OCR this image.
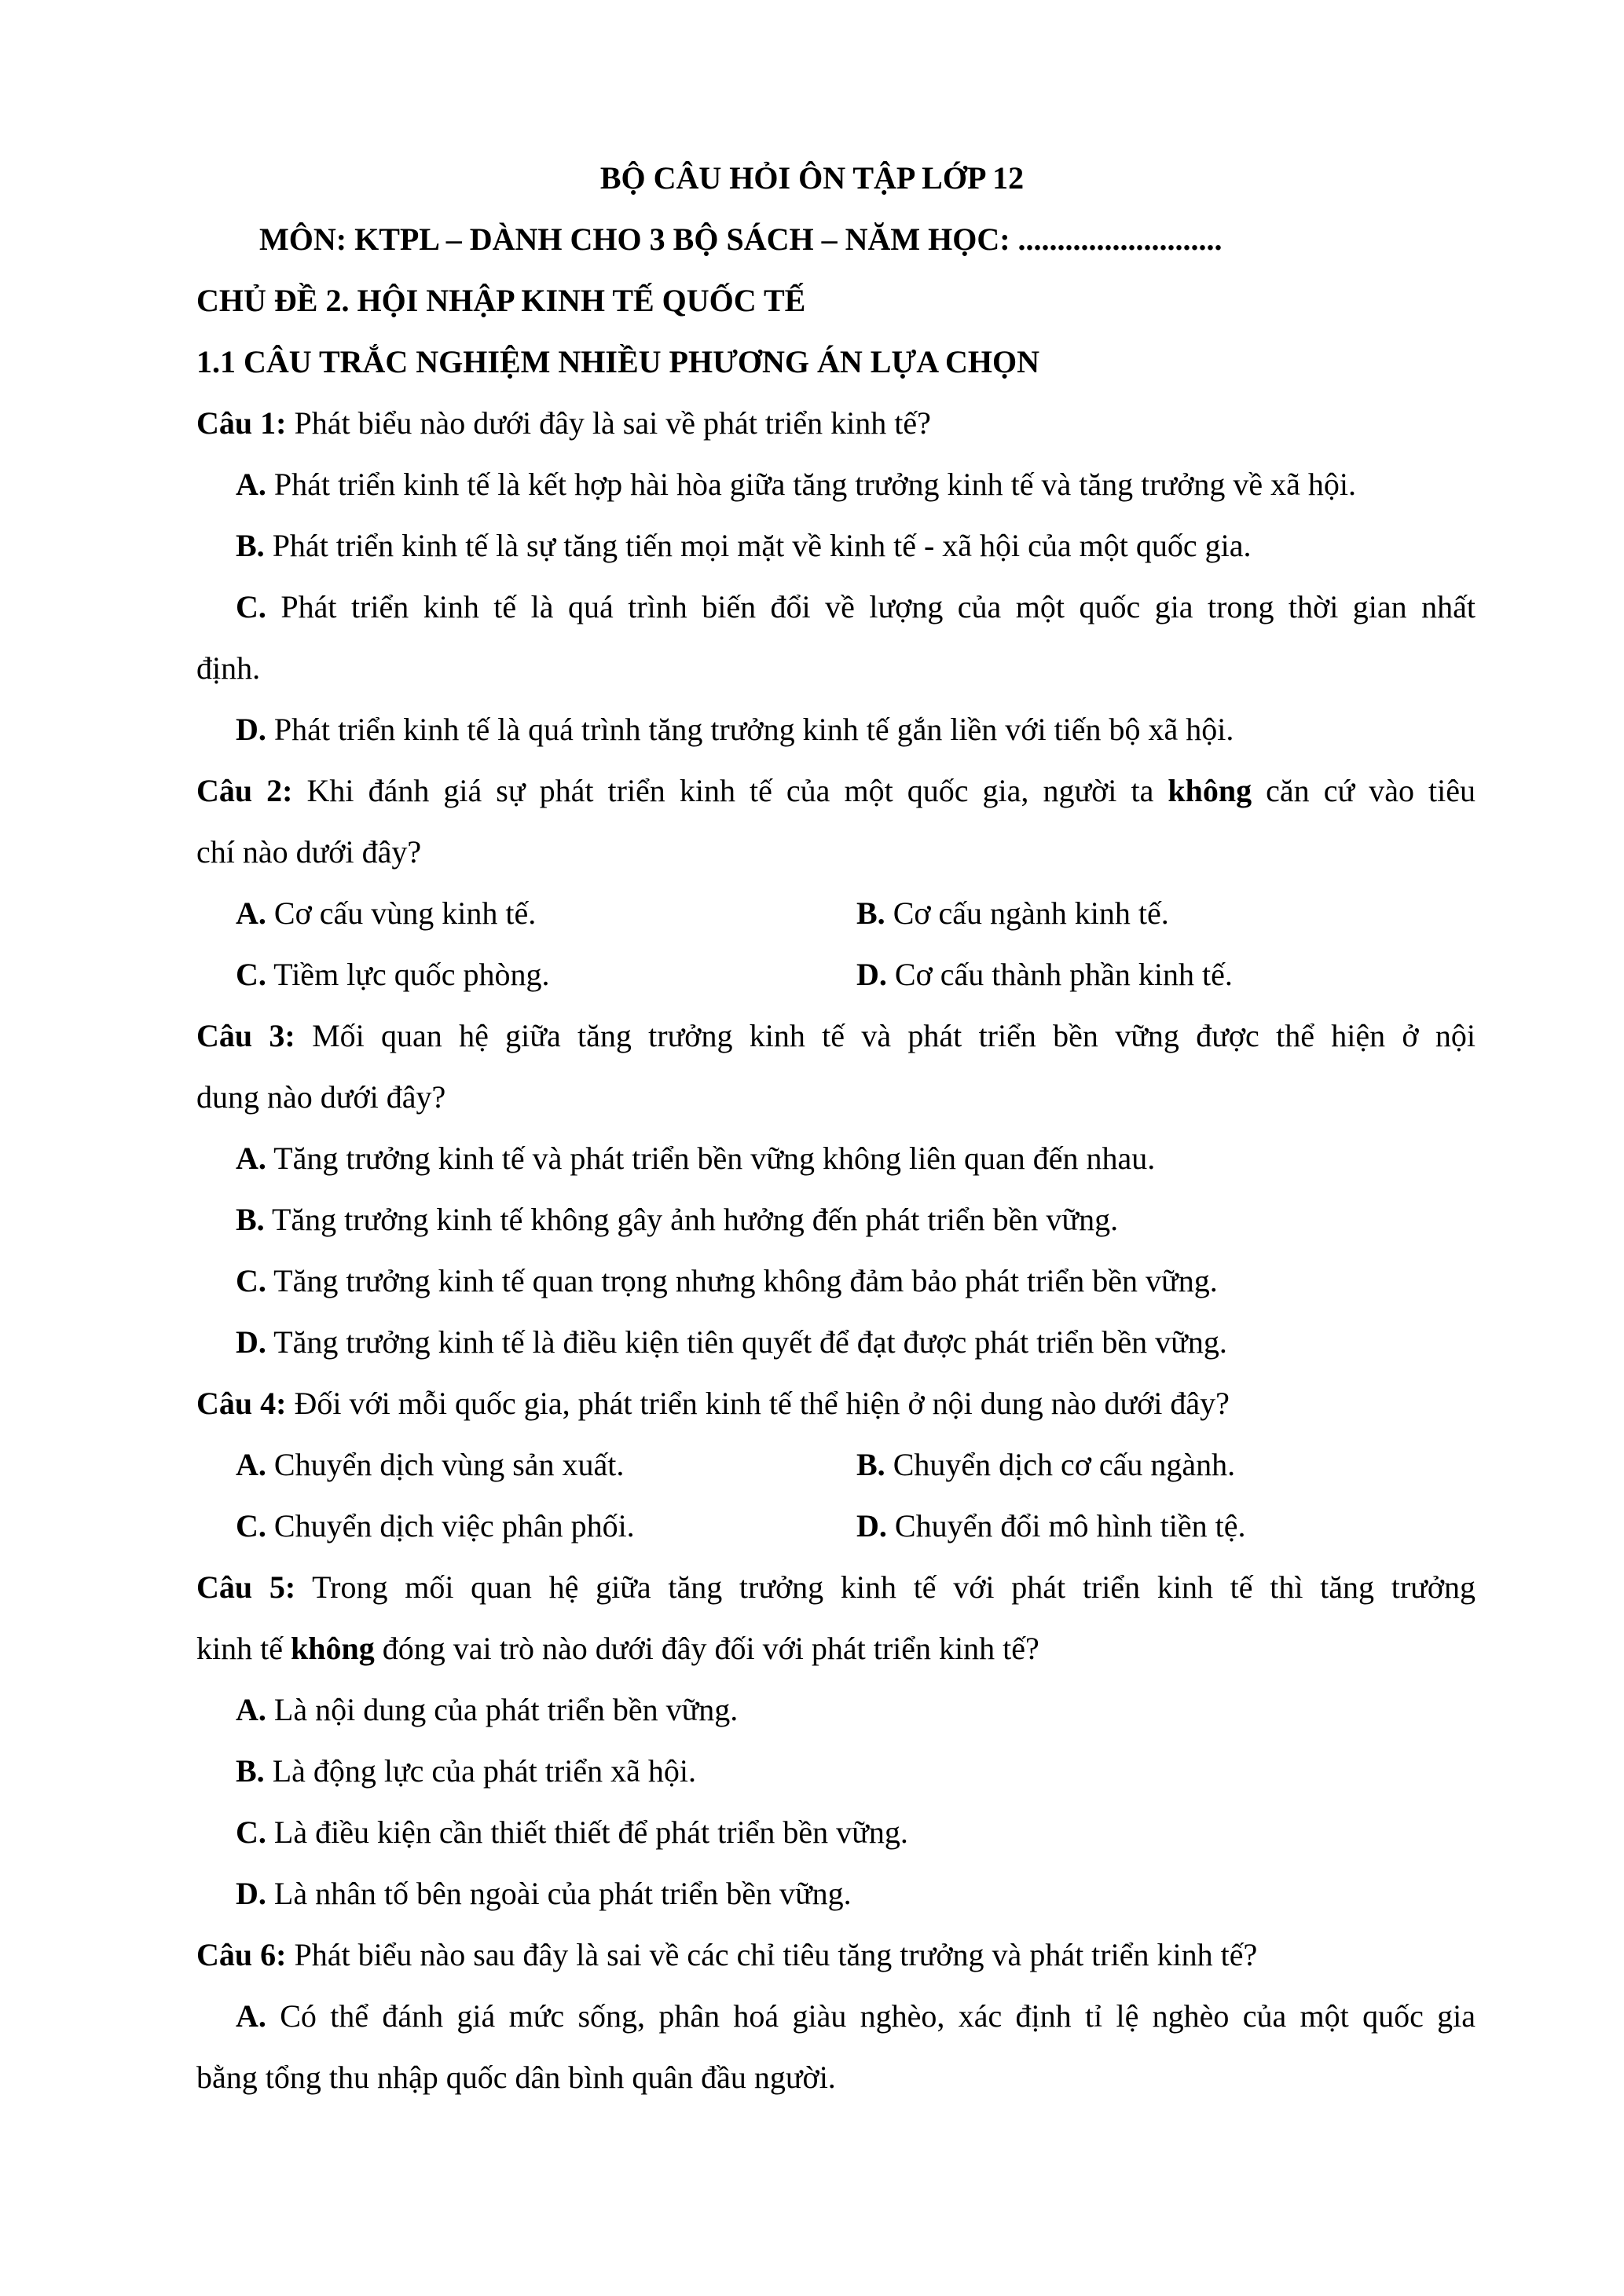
BỘ CÂU HỎI ÔN TẬP LỚP 12
MÔN: KTPL – DÀNH CHO 3 BỘ SÁCH – NĂM HỌC: ..........................
CHỦ ĐỀ 2. HỘI NHẬP KINH TẾ QUỐC TẾ
1.1 CÂU TRẮC NGHIỆM NHIỀU PHƯƠNG ÁN LỰA CHỌN
Câu 1: Phát biểu nào dưới đây là sai về phát triển kinh tế?
A. Phát triển kinh tế là kết hợp hài hòa giữa tăng trưởng kinh tế và tăng trưởng về xã hội.
B. Phát triển kinh tế là sự tăng tiến mọi mặt về kinh tế - xã hội của một quốc gia.
C. Phát triển kinh tế là quá trình biến đổi về lượng của một quốc gia trong thời gian nhất
định.
D. Phát triển kinh tế là quá trình tăng trưởng kinh tế gắn liền với tiến bộ xã hội.
Câu 2: Khi đánh giá sự phát triển kinh tế của một quốc gia, người ta không căn cứ vào tiêu
chí nào dưới đây?
A. Cơ cấu vùng kinh tế.	B. Cơ cấu ngành kinh tế.
C. Tiềm lực quốc phòng.	D. Cơ cấu thành phần kinh tế.
Câu 3: Mối quan hệ giữa tăng trưởng kinh tế và phát triển bền vững được thể hiện ở nội
dung nào dưới đây?
A. Tăng trưởng kinh tế và phát triển bền vững không liên quan đến nhau.
B. Tăng trưởng kinh tế không gây ảnh hưởng đến phát triển bền vững.
C. Tăng trưởng kinh tế quan trọng nhưng không đảm bảo phát triển bền vững.
D. Tăng trưởng kinh tế là điều kiện tiên quyết để đạt được phát triển bền vững.
Câu 4: Đối với mỗi quốc gia, phát triển kinh tế thể hiện ở nội dung nào dưới đây?
A. Chuyển dịch vùng sản xuất.	B. Chuyển dịch cơ cấu ngành.
C. Chuyển dịch việc phân phối.	D. Chuyển đổi mô hình tiền tệ.
Câu 5: Trong mối quan hệ giữa tăng trưởng kinh tế với phát triển kinh tế thì tăng trưởng
kinh tế không đóng vai trò nào dưới đây đối với phát triển kinh tế?
A. Là nội dung của phát triển bền vững.
B. Là động lực của phát triển xã hội.
C. Là điều kiện cần thiết thiết để phát triển bền vững.
D. Là nhân tố bên ngoài của phát triển bền vững.
Câu 6: Phát biểu nào sau đây là sai về các chỉ tiêu tăng trưởng và phát triển kinh tế?
A. Có thể đánh giá mức sống, phân hoá giàu nghèo, xác định tỉ lệ nghèo của một quốc gia
bằng tổng thu nhập quốc dân bình quân đầu người.
